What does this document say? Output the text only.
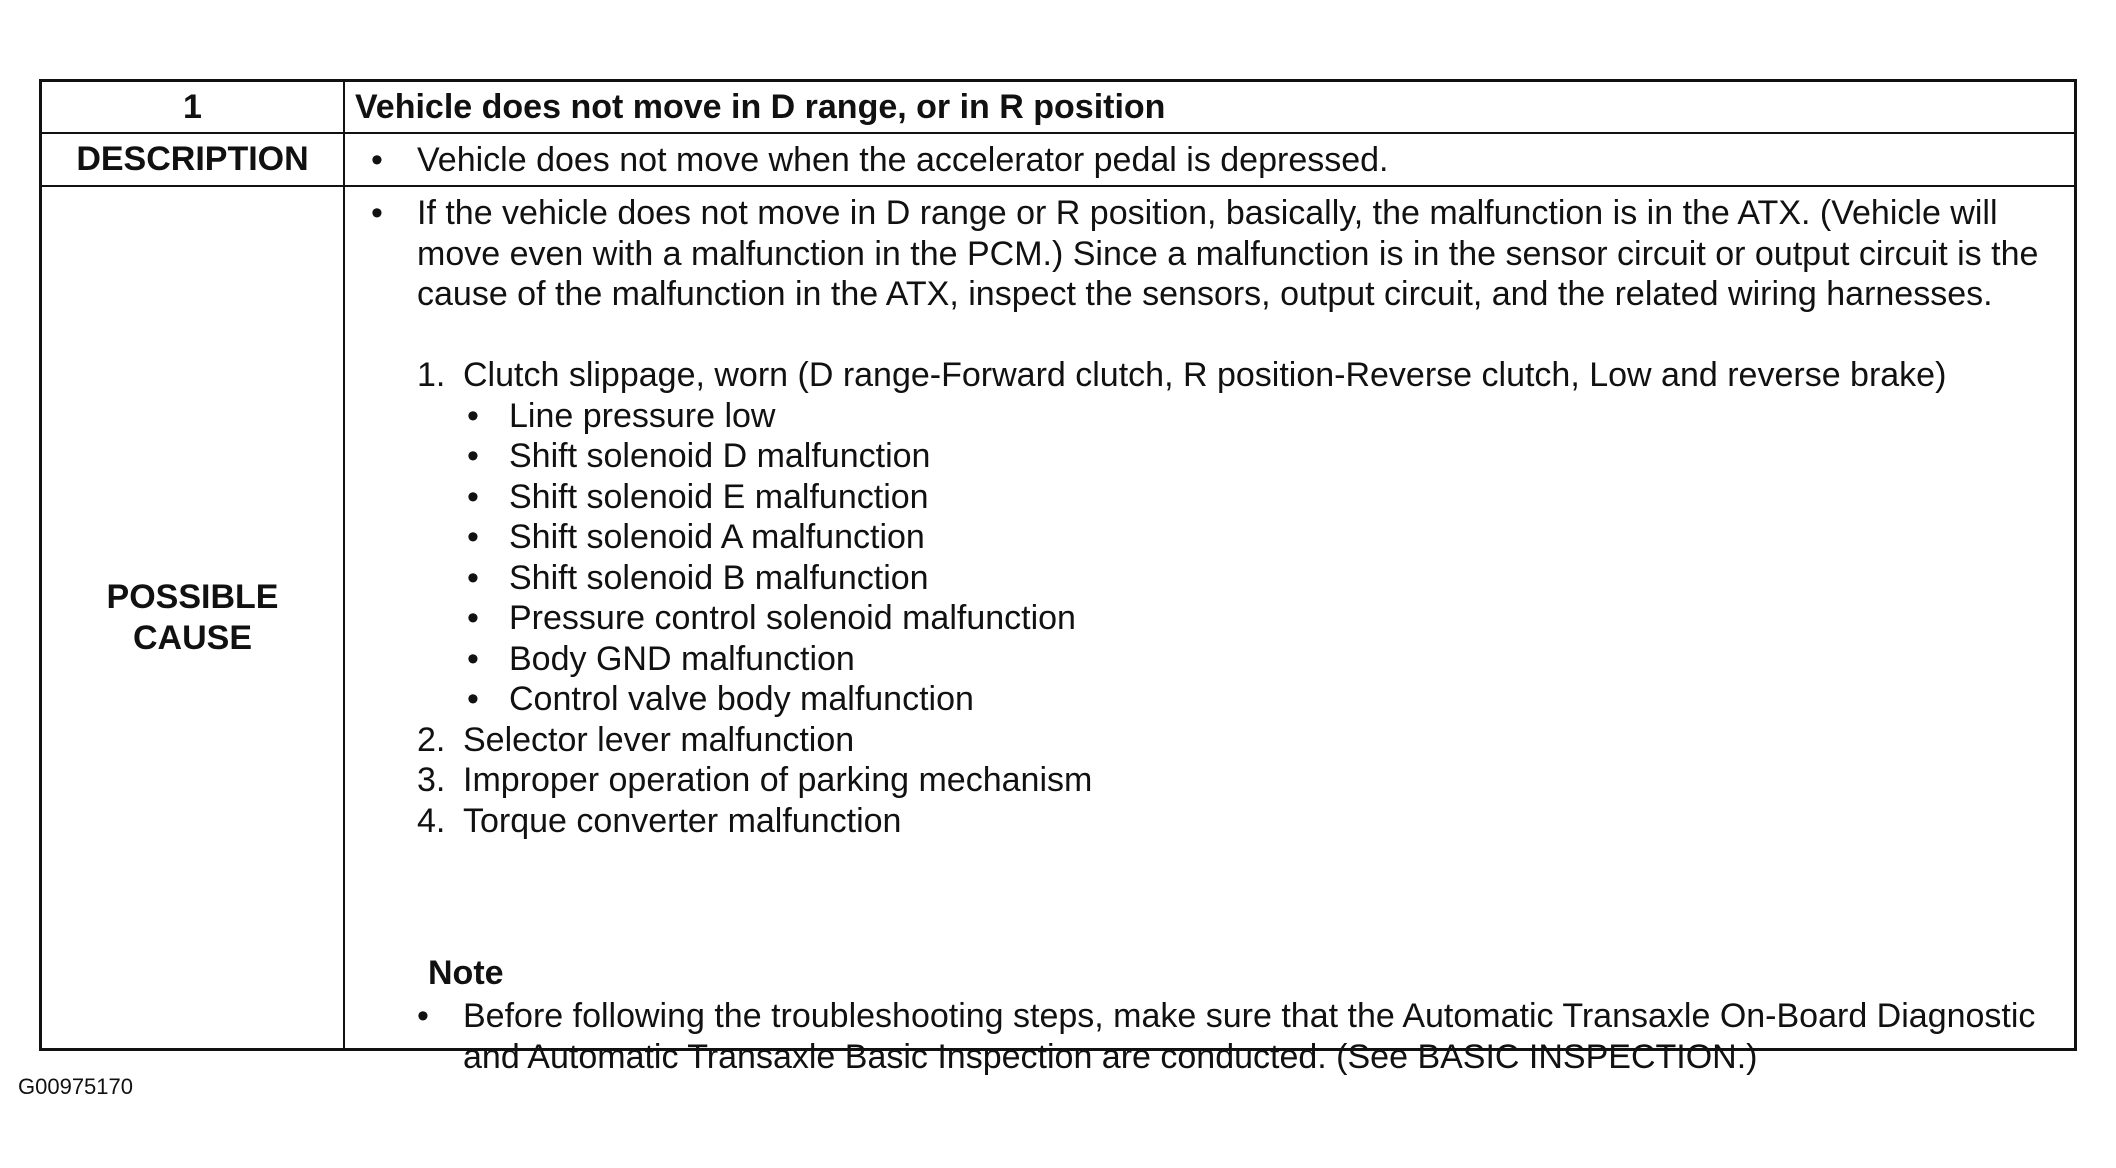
1	Vehicle does not move in D range, or in R position
DESCRIPTION	• Vehicle does not move when the accelerator pedal is depressed.
POSSIBLE
CAUSE
• If the vehicle does not move in D range or R position, basically, the malfunction is in the ATX. (Vehicle will move even with a malfunction in the PCM.) Since a malfunction is in the sensor circuit or output circuit is the cause of the malfunction in the ATX, inspect the sensors, output circuit, and the related wiring harnesses.
1. Clutch slippage, worn (D range-Forward clutch, R position-Reverse clutch, Low and reverse brake)
• Line pressure low
• Shift solenoid D malfunction
• Shift solenoid E malfunction
• Shift solenoid A malfunction
• Shift solenoid B malfunction
• Pressure control solenoid malfunction
• Body GND malfunction
• Control valve body malfunction
2. Selector lever malfunction
3. Improper operation of parking mechanism
4. Torque converter malfunction
Note
• Before following the troubleshooting steps, make sure that the Automatic Transaxle On-Board Diagnostic and Automatic Transaxle Basic Inspection are conducted. (See BASIC INSPECTION.)
G00975170
